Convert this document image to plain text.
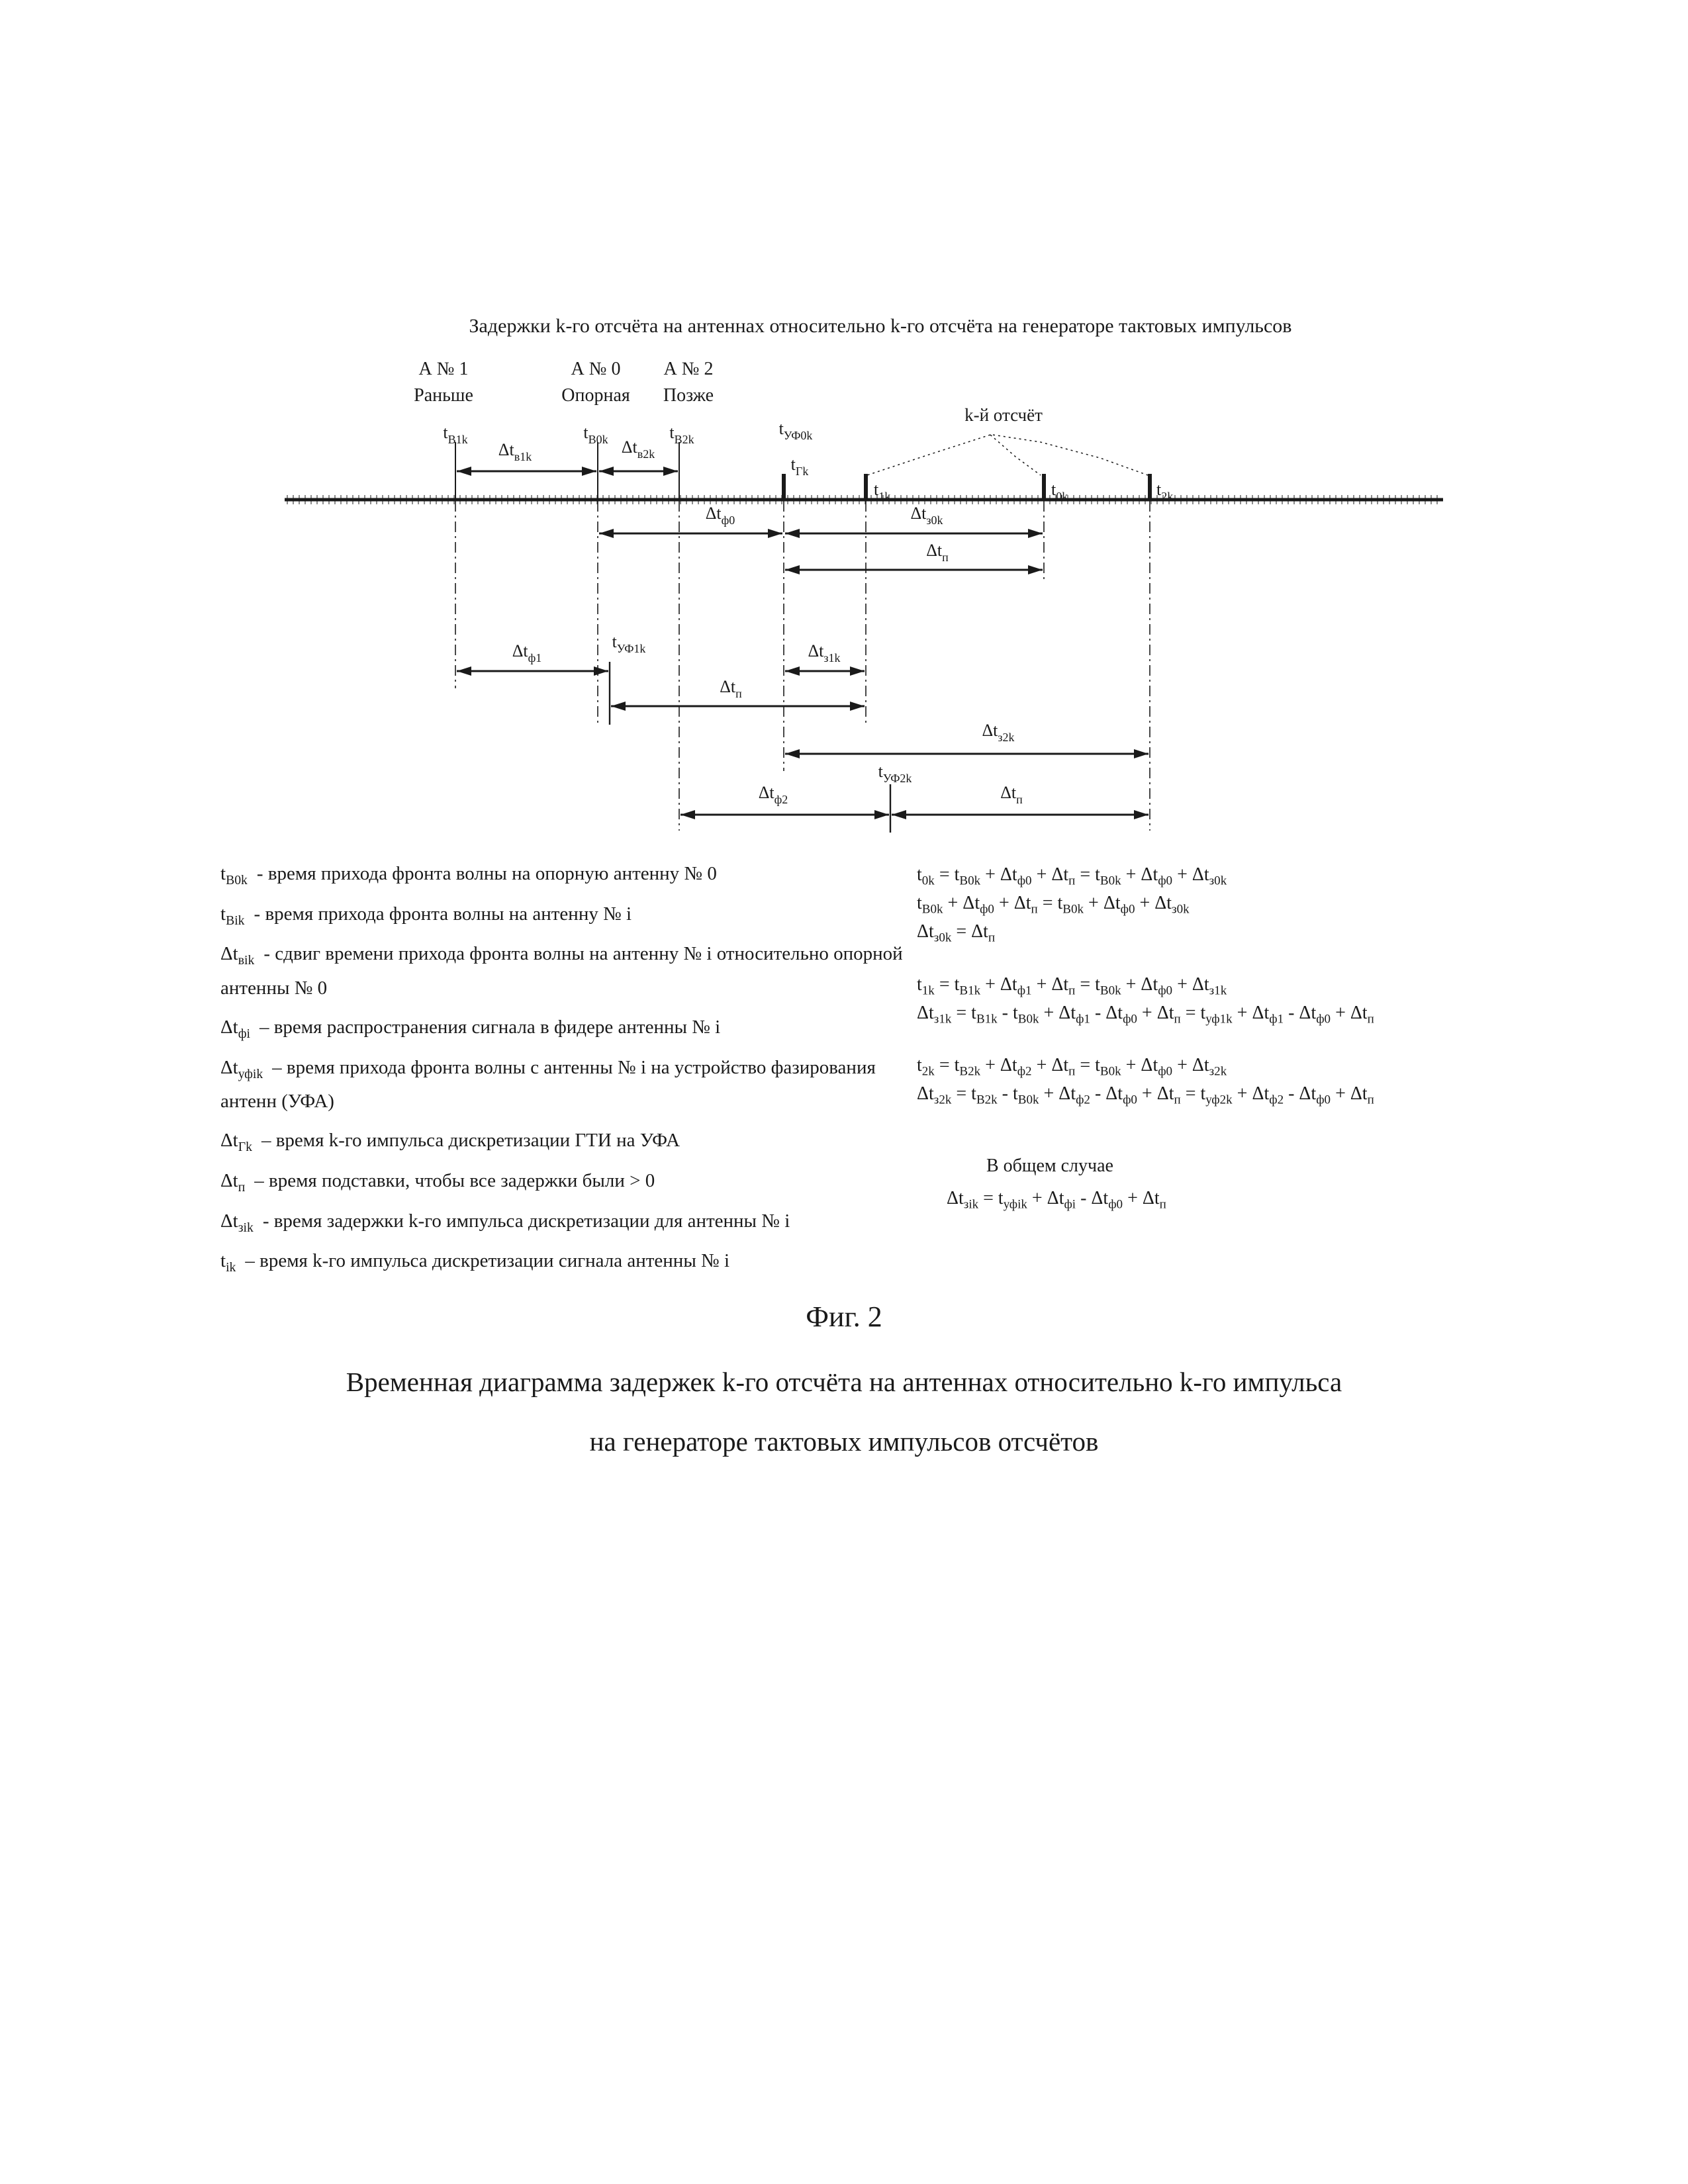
Задержки k-го отсчёта на антеннах относительно k-го отсчёта на генераторе тактовых импульсов
А № 1
Раньше
А № 0
Опорная
А № 2
Позже
$\Delta t_{в1k}$	$\Delta t_{в2k}$
$\Delta t_{ф0}$	$\Delta t_{з0k}$
$\Delta t_п$
$\Delta t_{ф1}$	$\Delta t_{з1k}$
$\Delta t_п$
$\Delta t_{з2k}$
$\Delta t_{ф2}$	$\Delta t_п$
$t_{В1k}$	$t_{В0k}$	$t_{В2k}$
$t_{УФ0k}$
$t_{Гk}$
$t_{1k}$	$t_{0k}$	$t_{2k}$
$t_{УФ1k}$
$t_{УФ2k}$
k-й отсчёт
$t_{В0k}$ - время прихода фронта волны на опорную антенну № 0
$t_{Вik}$ - время прихода фронта волны на антенну № i
$\Delta t_{вik}$ - сдвиг времени прихода фронта волны на антенну № i относительно опорной антенны № 0
$\Delta t_{фi}$ – время распространения сигнала в фидере антенны № i
$\Delta t_{уфik}$ – время прихода фронта волны с антенны № i на устройство фазирования антенн (УФА)
$\Delta t_{Гk}$ – время k-го импульса дискретизации ГТИ на УФА
$\Delta t_п$ – время подставки, чтобы все задержки были > 0
$\Delta t_{зik}$ - время задержки k-го импульса дискретизации для антенны № i
$t_{ik}$ – время k-го импульса дискретизации сигнала антенны № i
$t_{0k} = t_{В0k} + \Delta t_{ф0} + \Delta t_п = t_{В0k} + \Delta t_{ф0} + \Delta t_{з0k}$
$t_{В0k} + \Delta t_{ф0} + \Delta t_п = t_{В0k} + \Delta t_{ф0} + \Delta t_{з0k}$
$\Delta t_{з0k} = \Delta t_п$
$t_{1k} = t_{В1k} + \Delta t_{ф1} + \Delta t_п = t_{В0k} + \Delta t_{ф0} + \Delta t_{з1k}$
$\Delta t_{з1k} = t_{В1k} - t_{В0k} + \Delta t_{ф1} - \Delta t_{ф0} + \Delta t_п = t_{уф1k} + \Delta t_{ф1} - \Delta t_{ф0} + \Delta t_п$
$t_{2k} = t_{В2k} + \Delta t_{ф2} + \Delta t_п = t_{В0k} + \Delta t_{ф0} + \Delta t_{з2k}$
$\Delta t_{з2k} = t_{В2k} - t_{В0k} + \Delta t_{ф2} - \Delta t_{ф0} + \Delta t_п = t_{уф2k} + \Delta t_{ф2} - \Delta t_{ф0} + \Delta t_п$
В общем случае
$\Delta t_{зik} = t_{уфik} + \Delta t_{фi} - \Delta t_{ф0} + \Delta t_п$
Фиг. 2
Временная диаграмма задержек k-го отсчёта на антеннах относительно k-го импульса
на генераторе тактовых импульсов отсчётов
